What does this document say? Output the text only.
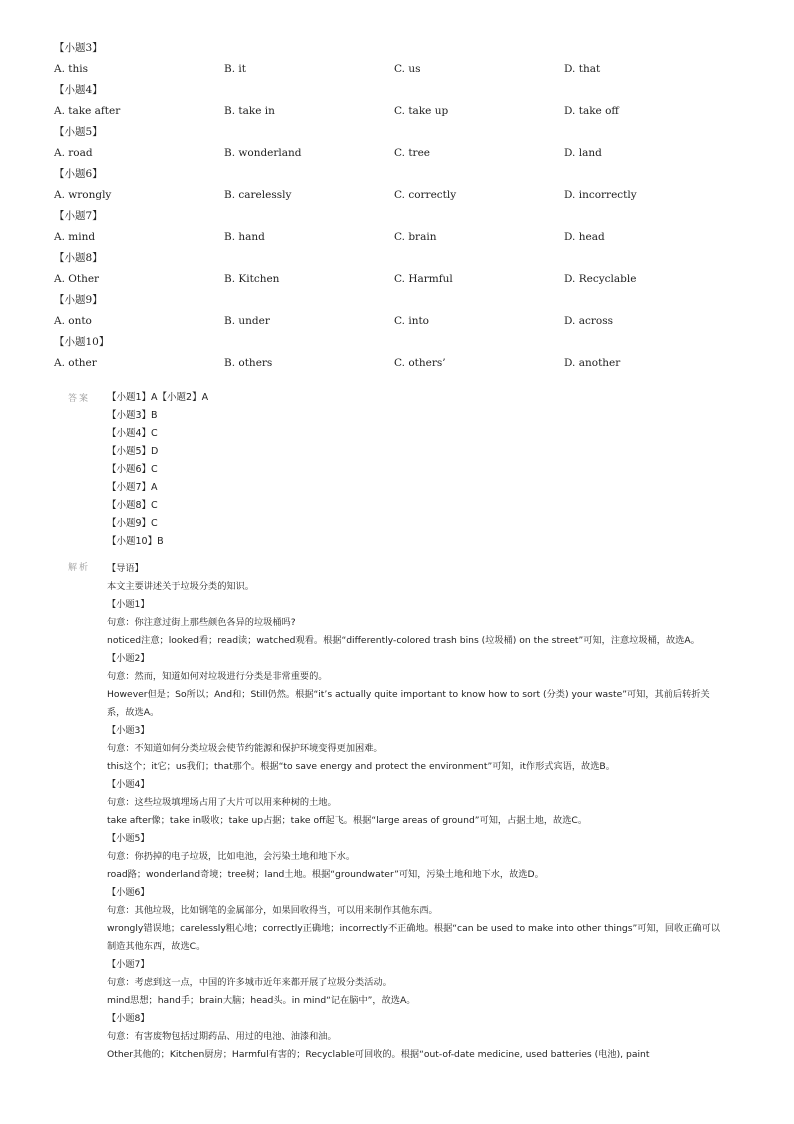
【小题3】
A. this	B. it	C. us	D. that
【小题4】
A. take after	B. take in	C. take up	D. take off
【小题5】
A. road	B. wonderland	C. tree	D. land
【小题6】
A. wrongly	B. carelessly	C. correctly	D. incorrectly
【小题7】
A. mind	B. hand	C. brain	D. head
【小题8】
A. Other	B. Kitchen	C. Harmful	D. Recyclable
【小题9】
A. onto	B. under	C. into	D. across
【小题10】
A. other	B. others	C. others’	D. another
答案 【小题1】A【小题2】A
【小题3】B
【小题4】C
【小题5】D
【小题6】C
【小题7】A
【小题8】C
【小题9】C
【小题10】B
解析 【导语】
本文主要讲述关于垃圾分类的知识。
【小题1】
句意：你注意过街上那些颜色各异的垃圾桶吗?
noticed注意；looked看；read读；watched观看。根据“differently-colored trash bins (垃圾桶) on the street”可知，注意垃圾桶，故选A。
【小题2】
句意：然而，知道如何对垃圾进行分类是非常重要的。
However但是；So所以；And和；Still仍然。根据“it’s actually quite important to know how to sort (分类) your waste”可知，其前后转折关系，故选A。
【小题3】
句意：不知道如何分类垃圾会使节约能源和保护环境变得更加困难。
this这个；it它；us我们；that那个。根据“to save energy and protect the environment”可知，it作形式宾语，故选B。
【小题4】
句意：这些垃圾填埋场占用了大片可以用来种树的土地。
take after像；take in吸收；take up占据；take off起飞。根据“large areas of ground”可知，占据土地，故选C。
【小题5】
句意：你扔掉的电子垃圾，比如电池，会污染土地和地下水。
road路；wonderland奇境；tree树；land土地。根据“groundwater”可知，污染土地和地下水，故选D。
【小题6】
句意：其他垃圾，比如钢笔的金属部分，如果回收得当，可以用来制作其他东西。
wrongly错误地；carelessly粗心地；correctly正确地；incorrectly不正确地。根据“can be used to make into other things”可知，回收正确可以制造其他东西，故选C。
【小题7】
句意：考虑到这一点，中国的许多城市近年来都开展了垃圾分类活动。
mind思想；hand手；brain大脑；head头。in mind“记在脑中”，故选A。
【小题8】
句意：有害废物包括过期药品、用过的电池、油漆和油。
Other其他的；Kitchen厨房；Harmful有害的；Recyclable可回收的。根据“out-of-date medicine, used batteries (电池), paint
